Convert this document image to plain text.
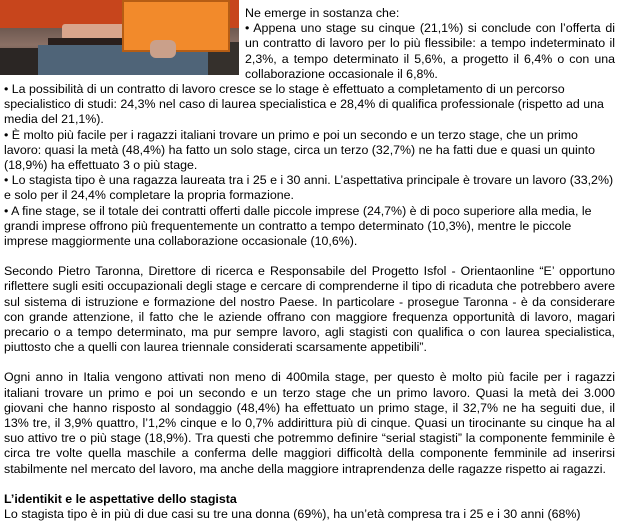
Ne emerge in sostanza che:

• Appena uno stage su cinque (21,1%) si conclude con l’offerta di un contratto di lavoro per lo più flessibile: a tempo indeterminato il 2,3%, a tempo determinato il 5,6%, a progetto il 6,4% o con una collaborazione occasionale il 6,8%.

• La possibilità di un contratto di lavoro cresce se lo stage è effettuato a completamento di un percorso specialistico di studi: 24,3% nel caso di laurea specialistica e 28,4% di qualifica professionale (rispetto ad una media del 21,1%).

• È molto più facile per i ragazzi italiani trovare un primo e poi un secondo e un terzo stage, che un primo lavoro: quasi la metà (48,4%) ha fatto un solo stage, circa un terzo (32,7%) ne ha fatti due e quasi un quinto (18,9%) ha effettuato 3 o più stage.

• Lo stagista tipo è una ragazza laureata tra i 25 e i 30 anni. L’aspettativa principale è trovare un lavoro (33,2%) e solo per il 24,4% completare la propria formazione.

• A fine stage, se il totale dei contratti offerti dalle piccole imprese (24,7%) è di poco superiore alla media, le grandi imprese offrono più frequentemente un contratto a tempo determinato (10,3%), mentre le piccole imprese maggiormente una collaborazione occasionale (10,6%).

Secondo Pietro Taronna, Direttore di ricerca e Responsabile del Progetto Isfol - Orientaonline “E’ opportuno riflettere sugli esiti occupazionali degli stage e cercare di comprenderne il tipo di ricaduta che potrebbero avere sul sistema di istruzione e formazione del nostro Paese. In particolare - prosegue Taronna - è da considerare con grande attenzione, il fatto che le aziende offrano con maggiore frequenza opportunità di lavoro, magari precario o a tempo determinato, ma pur sempre lavoro, agli stagisti con qualifica o con laurea specialistica, piuttosto che a quelli con laurea triennale considerati scarsamente appetibili”.

Ogni anno in Italia vengono attivati non meno di 400mila stage, per questo è molto più facile per i ragazzi italiani trovare un primo e poi un secondo e un terzo stage che un primo lavoro. Quasi la metà dei 3.000 giovani che hanno risposto al sondaggio (48,4%) ha effettuato un primo stage, il 32,7% ne ha seguiti due, il 13% tre, il 3,9% quattro, l’1,2% cinque e lo 0,7% addirittura più di cinque. Quasi un tirocinante su cinque ha al suo attivo tre o più stage (18,9%). Tra questi che potremmo definire “serial stagisti” la componente femminile è circa tre volte quella maschile a conferma delle maggiori difficoltà della componente femminile ad inserirsi stabilmente nel mercato del lavoro, ma anche della maggiore intraprendenza delle ragazze rispetto ai ragazzi.

L’identikit e le aspettative dello stagista

Lo stagista tipo è in più di due casi su tre una donna (69%), ha un’età compresa tra i 25 e i 30 anni (68%)
